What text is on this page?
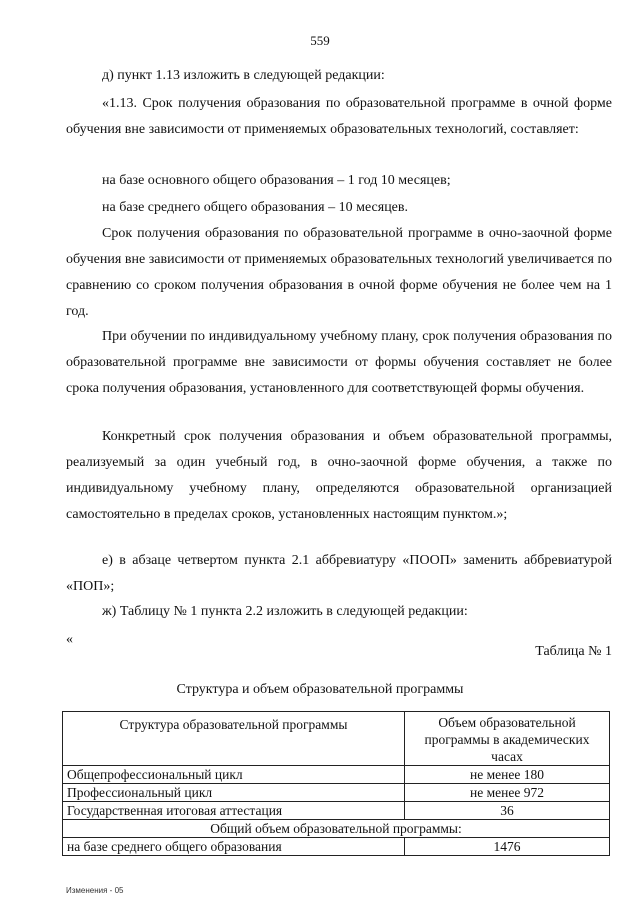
559

д) пункт 1.13 изложить в следующей редакции:

«1.13. Срок получения образования по образовательной программе в очной форме обучения вне зависимости от применяемых образовательных технологий, составляет:

на базе основного общего образования – 1 год 10 месяцев;

на базе среднего общего образования – 10 месяцев.

Срок получения образования по образовательной программе в очно-заочной форме обучения вне зависимости от применяемых образовательных технологий увеличивается по сравнению со сроком получения образования в очной форме обучения не более чем на 1 год.

При обучении по индивидуальному учебному плану, срок получения образования по образовательной программе вне зависимости от формы обучения составляет не более срока получения образования, установленного для соответствующей формы обучения.

Конкретный срок получения образования и объем образовательной программы, реализуемый за один учебный год, в очно-заочной форме обучения, а также по индивидуальному учебному плану, определяются образовательной организацией самостоятельно в пределах сроков, установленных настоящим пунктом.»;

е) в абзаце четвертом пункта 2.1 аббревиатуру «ПООП» заменить аббревиатурой «ПОП»;

ж) Таблицу № 1 пункта 2.2 изложить в следующей редакции:

«
Таблица № 1
Структура и объем образовательной программы
Структура образовательной программы	Объем образовательной программы в академических часах
Общепрофессиональный цикл	не менее 180
Профессиональный цикл	не менее 972
Государственная итоговая аттестация	36
Общий объем образовательной программы:	
на базе среднего общего образования	1476
Изменения - 05
